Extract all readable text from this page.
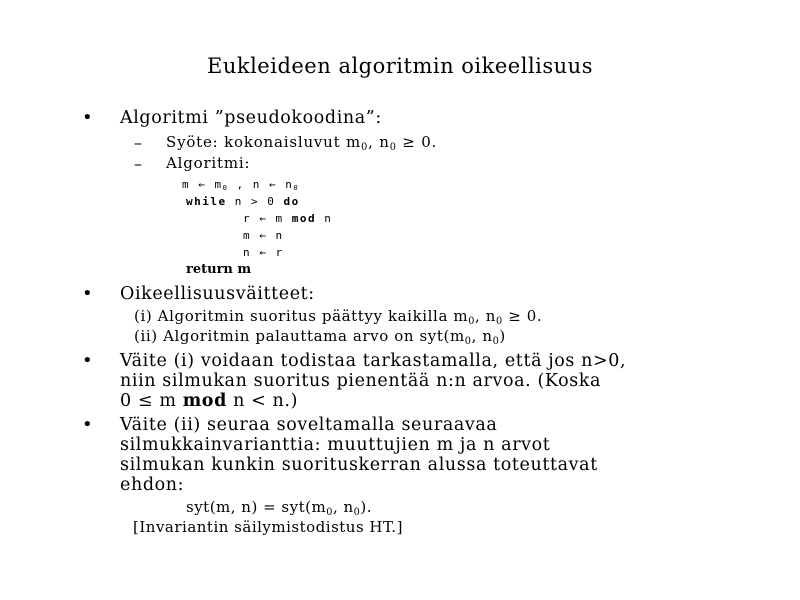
Eukleideen algoritmin oikeellisuus
• Algoritmi ”pseudokoodina”:
– Syöte: kokonaisluvut $m_0$, $n_0 \ge 0$.
– Algoritmi:
m ← $m_0$ , n ← $n_0$
while n > 0 do
r ← m mod n
m ← n
n ← r
return m
• Oikeellisuusväitteet:
(i) Algoritmin suoritus päättyy kaikilla $m_0$, $n_0 \ge 0$.
(ii) Algoritmin palauttama arvo on $syt(m_0$, $n_0$)
• Väite (i) voidaan todistaa tarkastamalla, että jos n>0,
niin silmukan suoritus pienentää n:n arvoa. (Koska
0 ≤ m mod n < n.)
• Väite (ii) seuraa soveltamalla seuraavaa
silmukkainvarianttia: muuttujien m ja n arvot
silmukan kunkin suorituskerran alussa toteuttavat
ehdon:
syt(m, $n) = syt(m_0$, $n_0$).
[Invariantin säilymistodistus HT.]
